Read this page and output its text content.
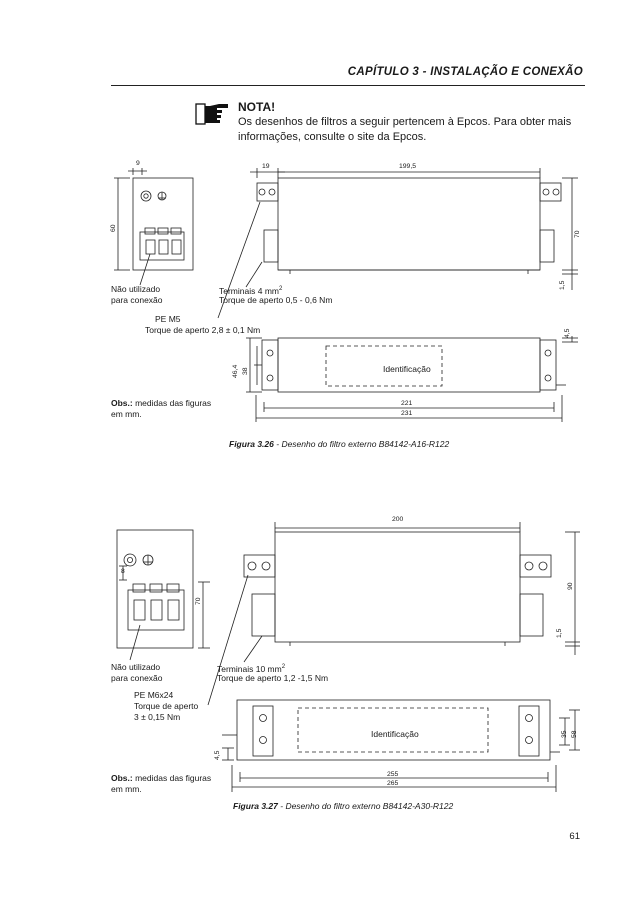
CAPÍTULO 3 - INSTALAÇÃO E CONEXÃO
NOTA!
Os desenhos de filtros a seguir pertencem à Epcos. Para obter mais informações, consulte o site da Epcos.
9
60
19	199,5
70
1,5
Não utilizado
para conexão
Terminais 4 $mm^2$
Torque de aperto 0,5 - 0,6 Nm
PE M5
Torque de aperto 2,8 ± 0,1 Nm
46,4 38
4,5
Identificação
221
231
Obs.: medidas das figuras
em mm.
Figura 3.26 - Desenho do filtro externo B84142-A16-R122
200
8
70
90
1,5
Não utilizado
para conexão
Terminais 10 $mm^2$
Torque de aperto 1,2 -1,5 Nm
PE M6x24
Torque de aperto
3 ± 0,15 Nm
Identificação
4,5
35 58
255
265
Obs.: medidas das figuras
em mm.
Figura 3.27 - Desenho do filtro externo B84142-A30-R122
61
